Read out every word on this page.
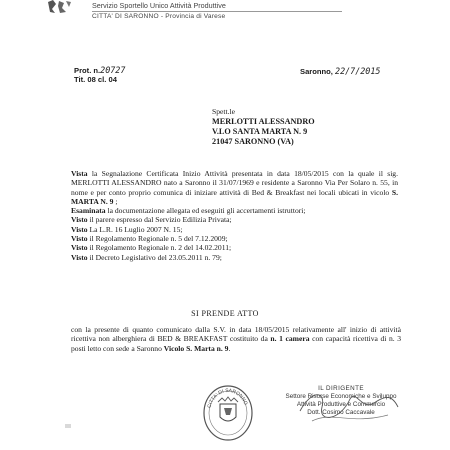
Servizio Sportello Unico Attività Produttive
CITTA' DI SARONNO - Provincia di Varese
Prot. n.20727
Tit. 08 cl. 04
Saronno, 22/7/2015
Spett.le
MERLOTTI ALESSANDRO
V.LO SANTA MARTA N. 9
21047 SARONNO (VA)

Vista la Segnalazione Certificata Inizio Attività presentata in data 18/05/2015 con la quale il sig. MERLOTTI ALESSANDRO nato a Saronno il 31/07/1969 e residente a Saronno Via Per Solaro n. 55, in nome e per conto proprio comunica di iniziare attività di Bed & Breakfast nei locali ubicati in vicolo S. MARTA N. 9 ;

Esaminata la documentazione allegata ed eseguiti gli accertamenti istruttori;

Visto il parere espresso dal Servizio Edilizia Privata;

Visto La L.R. 16 Luglio 2007 N. 15;

Visto il Regolamento Regionale n. 5 del 7.12.2009;

Visto il Regolamento Regionale n. 2 del 14.02.2011;

Visto il Decreto Legislativo del 23.05.2011 n. 79;

SI PRENDE ATTO
con la presente di quanto comunicato dalla S.V. in data 18/05/2015 relativamente all' inizio di attività ricettiva non alberghiera di BED & BREAKFAST costituito da n. 1 camera con capacità ricettiva di n. 3 posti letto con sede a Saronno Vicolo S. Marta n. 9.
CITTA' DI SARONNO
IL DIRIGENTE
Settore Risorse Economiche e Sviluppo
Attività Produttive e Commercio
Dott. Cosimo Caccavale
